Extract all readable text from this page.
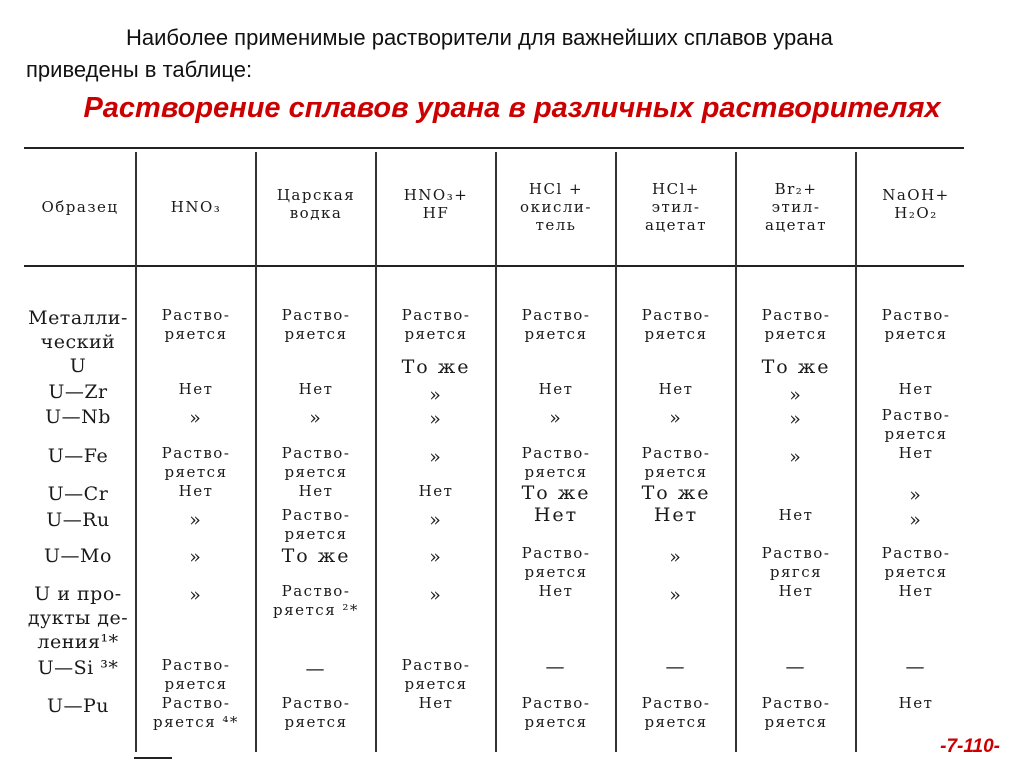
Наиболее применимые растворители для важнейших сплавов урана
приведены в таблице:

Растворение сплавов урана в различных растворителях
Образец	HNO₃
Царская
водка
HNO₃+
HF
HCl +
окисли-
тель
HCl+
этил-
ацетат
Br₂+
этил-
ацетат
NaOH+
H₂O₂
Металли-
ческий
U
U—Zr
U—Nb
U—Fe
U—Cr
U—Ru
U—Mo
U и про-
дукты де-
ления¹*
U—Si ³*
U—Pu
Раство-
ряется
Нет
»
Раство-
ряется
Нет
»
»
»
Раство-
ряется
Раство-
ряется ⁴*
Раство-
ряется
Нет
»
Раство-
ряется
Нет
Раство-
ряется
То же
Раство-
ряется ²*
—
Раство-
ряется
Раство-
ряется
То же
»
»
»
Нет
»
»
»
Раство-
ряется
Нет
Раство-
ряется
Нет
»
Раство-
ряется
То же
Нет
Раство-
ряется
Нет
—
Раство-
ряется
Раство-
ряется
Нет
»
Раство-
ряется
То же
Нет
»
»
—
Раство-
ряется
Раство-
ряется
То же
»
»
»
Нет
Раство-
рягся
Нет
—
Раство-
ряется
Раство-
ряется
Нет
Раство-
ряется
Нет
»
»
Раство-
ряется
Нет
—
Нет
-7-110-
